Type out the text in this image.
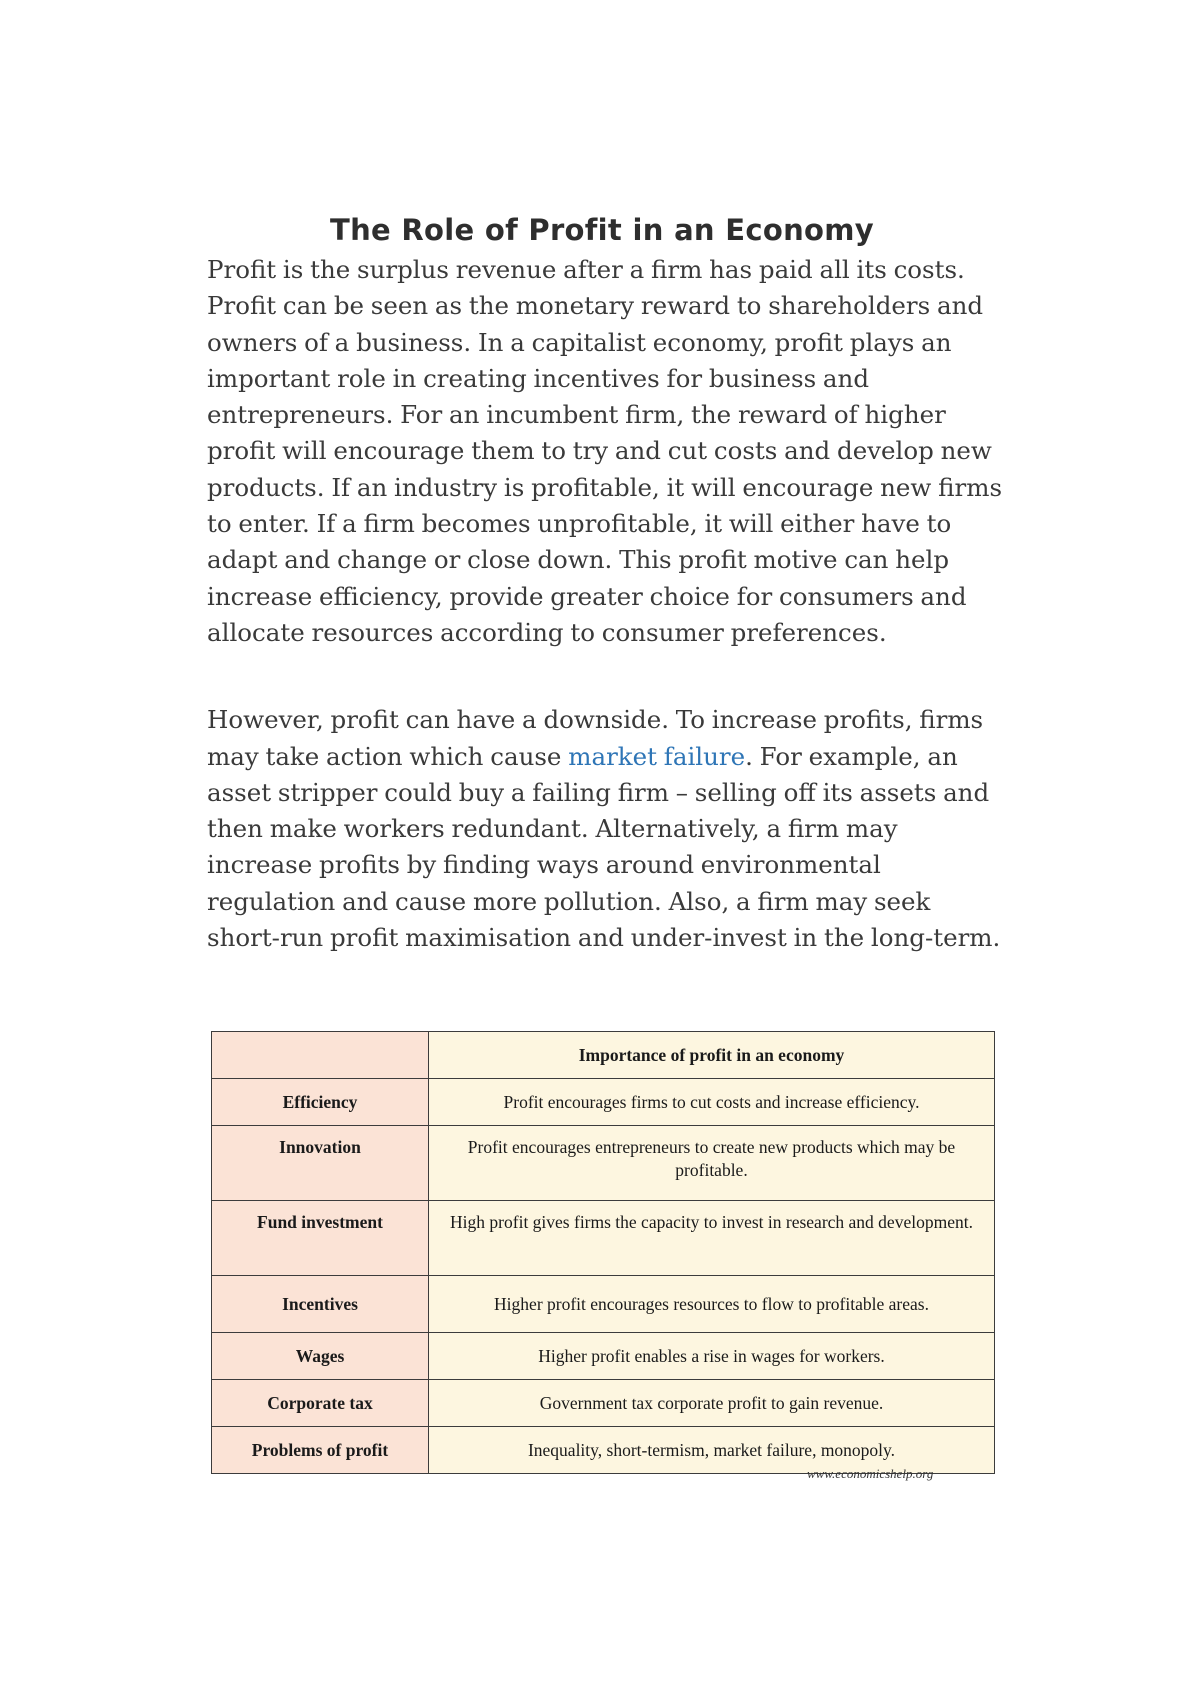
The Role of Profit in an Economy

Profit is the surplus revenue after a firm has paid all its costs. Profit can be seen as the monetary reward to shareholders and owners of a business. In a capitalist economy, profit plays an important role in creating incentives for business and entrepreneurs. For an incumbent firm, the reward of higher profit will encourage them to try and cut costs and develop new products. If an industry is profitable, it will encourage new firms to enter. If a firm becomes unprofitable, it will either have to adapt and change or close down. This profit motive can help increase efficiency, provide greater choice for consumers and allocate resources according to consumer preferences.

However, profit can have a downside. To increase profits, firms may take action which cause market failure. For example, an asset stripper could buy a failing firm – selling off its assets and then make workers redundant. Alternatively, a firm may increase profits by finding ways around environmental regulation and cause more pollution. Also, a firm may seek short-run profit maximisation and under-invest in the long-term.

	Importance of profit in an economy
Efficiency	Profit encourages firms to cut costs and increase efficiency.
Innovation	Profit encourages entrepreneurs to create new products which may be profitable.
Fund investment	High profit gives firms the capacity to invest in research and development.
Incentives	Higher profit encourages resources to flow to profitable areas.
Wages	Higher profit enables a rise in wages for workers.
Corporate tax	Government tax corporate profit to gain revenue.
Problems of profit	Inequality, short-termism, market failure, monopoly.
www.economicshelp.org
